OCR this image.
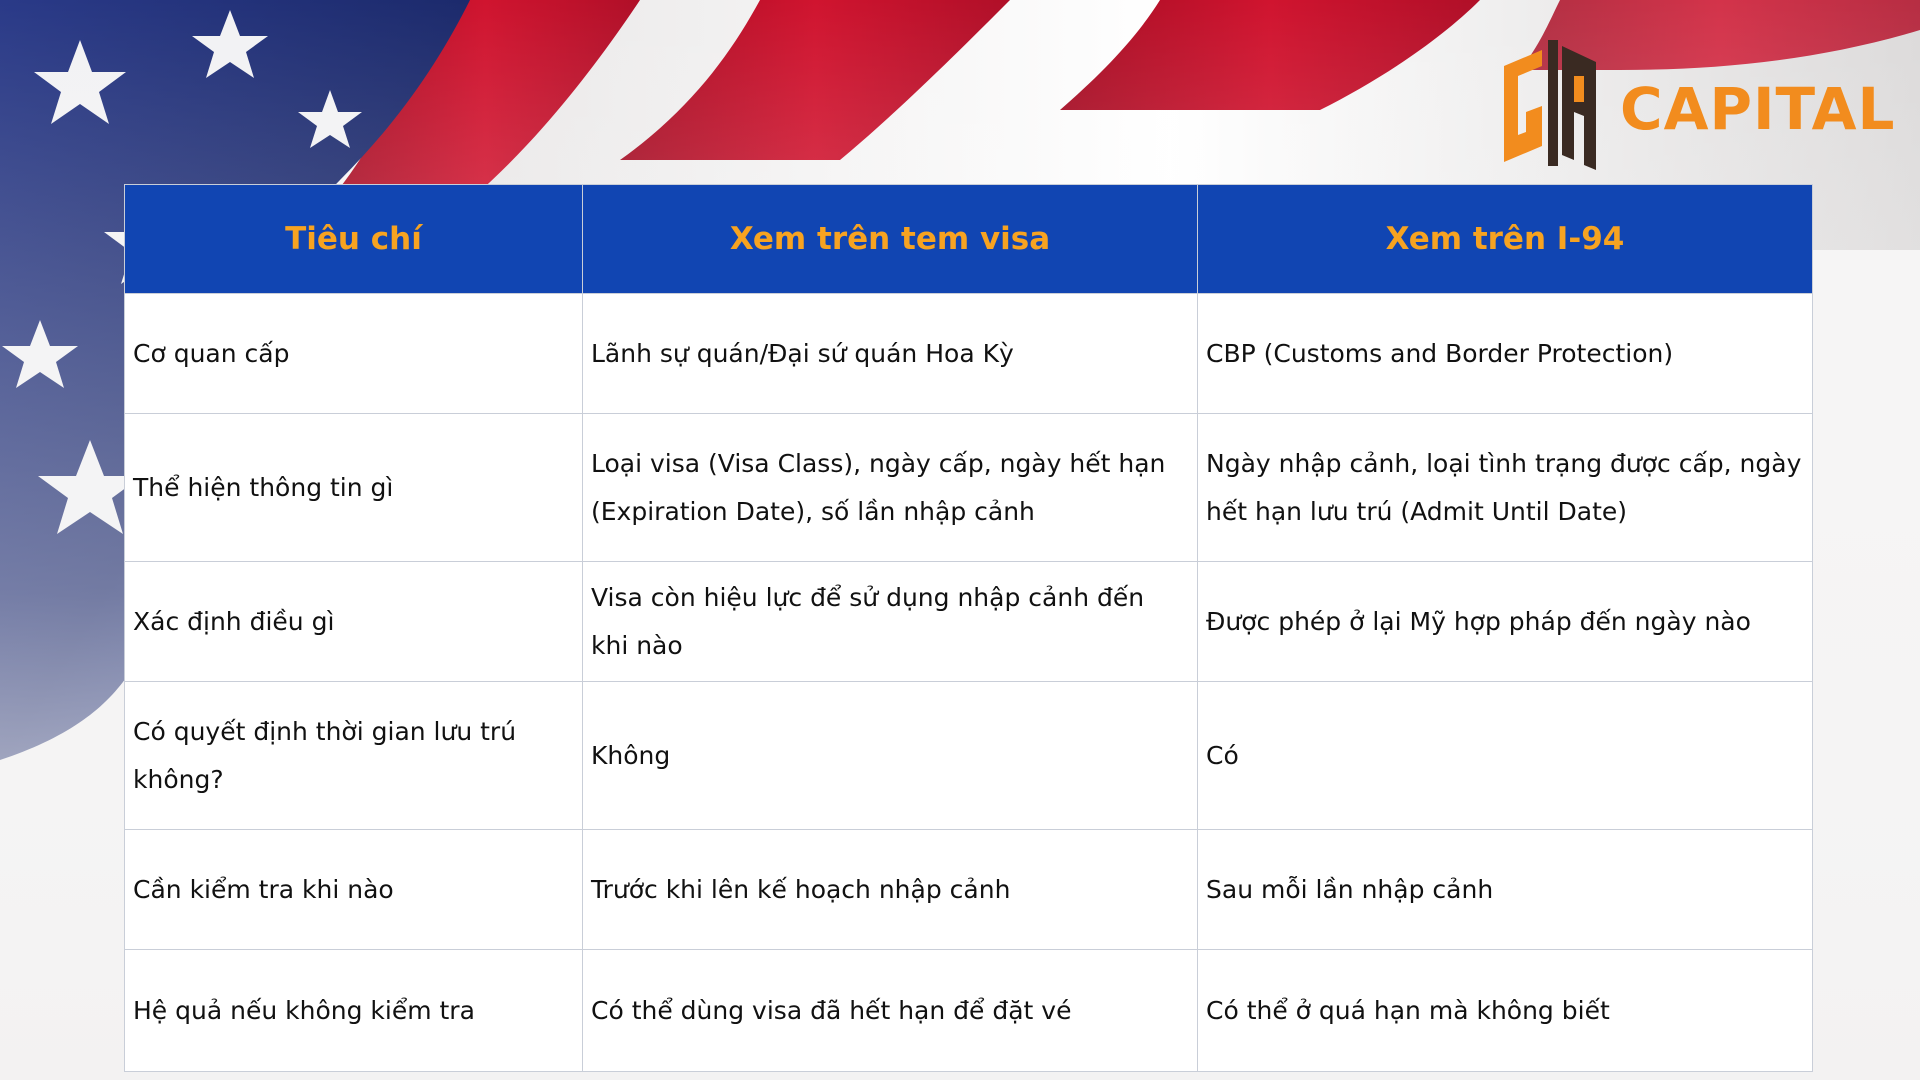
CAPITAL
Tiêu chí	Xem trên tem visa	Xem trên I-94
Cơ quan cấp	Lãnh sự quán/Đại sứ quán Hoa Kỳ	CBP (Customs and Border Protection)
Thể hiện thông tin gì	Loại visa (Visa Class), ngày cấp, ngày hết hạn (Expiration Date), số lần nhập cảnh	Ngày nhập cảnh, loại tình trạng được cấp, ngày hết hạn lưu trú (Admit Until Date)
Xác định điều gì	Visa còn hiệu lực để sử dụng nhập cảnh đến khi nào	Được phép ở lại Mỹ hợp pháp đến ngày nào
Có quyết định thời gian lưu trú không?	Không	Có
Cần kiểm tra khi nào	Trước khi lên kế hoạch nhập cảnh	Sau mỗi lần nhập cảnh
Hệ quả nếu không kiểm tra	Có thể dùng visa đã hết hạn để đặt vé	Có thể ở quá hạn mà không biết
